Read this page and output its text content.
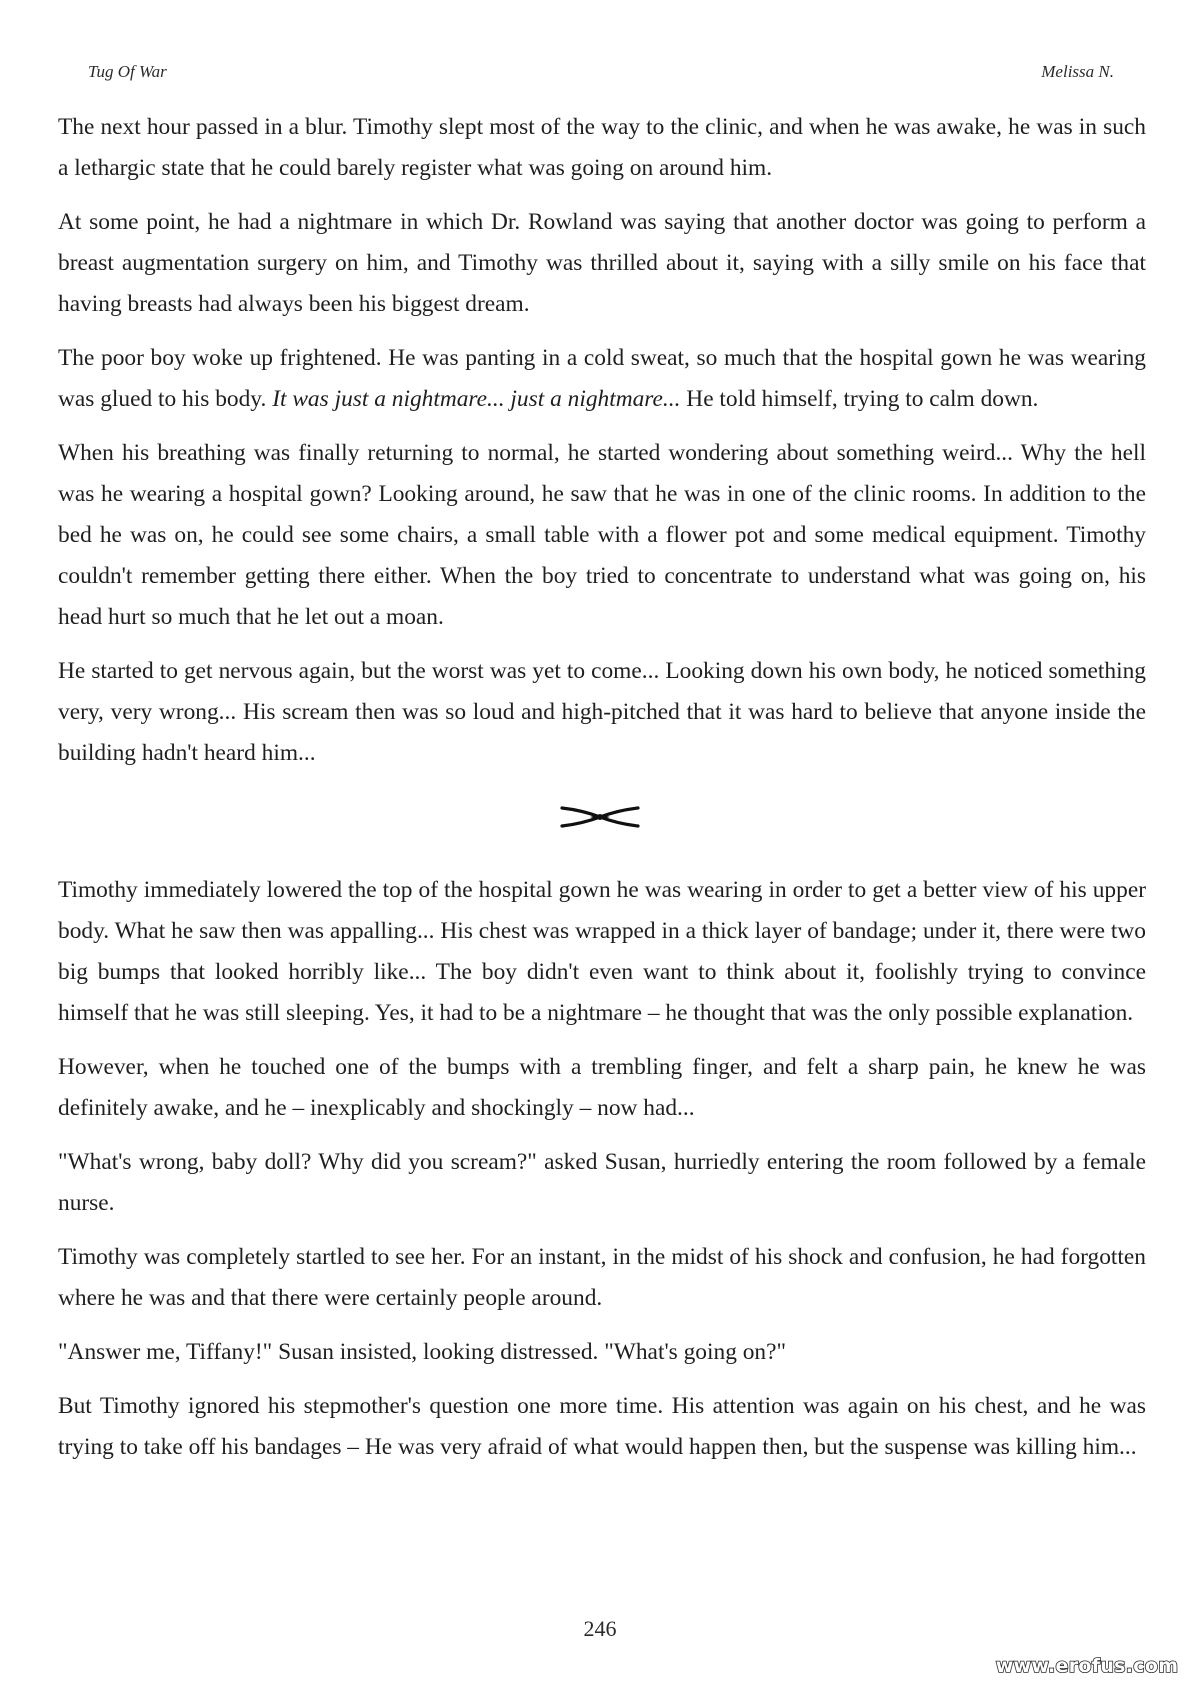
Tug Of War	Melissa N.

The next hour passed in a blur. Timothy slept most of the way to the clinic, and when he was awake, he was in such a lethargic state that he could barely register what was going on around him.

At some point, he had a nightmare in which Dr. Rowland was saying that another doctor was going to perform a breast augmentation surgery on him, and Timothy was thrilled about it, saying with a silly smile on his face that having breasts had always been his biggest dream.

The poor boy woke up frightened. He was panting in a cold sweat, so much that the hospital gown he was wearing was glued to his body. It was just a nightmare... just a nightmare... He told himself, trying to calm down.

When his breathing was finally returning to normal, he started wondering about something weird... Why the hell was he wearing a hospital gown? Looking around, he saw that he was in one of the clinic rooms. In addition to the bed he was on, he could see some chairs, a small table with a flower pot and some medical equipment. Timothy couldn't remember getting there either. When the boy tried to concentrate to understand what was going on, his head hurt so much that he let out a moan.

He started to get nervous again, but the worst was yet to come... Looking down his own body, he noticed something very, very wrong... His scream then was so loud and high-pitched that it was hard to believe that anyone inside the building hadn't heard him...

Timothy immediately lowered the top of the hospital gown he was wearing in order to get a better view of his upper body. What he saw then was appalling... His chest was wrapped in a thick layer of bandage; under it, there were two big bumps that looked horribly like... The boy didn't even want to think about it, foolishly trying to convince himself that he was still sleeping. Yes, it had to be a nightmare – he thought that was the only possible explanation.

However, when he touched one of the bumps with a trembling finger, and felt a sharp pain, he knew he was definitely awake, and he – inexplicably and shockingly – now had...

"What's wrong, baby doll? Why did you scream?" asked Susan, hurriedly entering the room followed by a female nurse.

Timothy was completely startled to see her. For an instant, in the midst of his shock and confusion, he had forgotten where he was and that there were certainly people around.

"Answer me, Tiffany!" Susan insisted, looking distressed. "What's going on?"

But Timothy ignored his stepmother's question one more time. His attention was again on his chest, and he was trying to take off his bandages – He was very afraid of what would happen then, but the suspense was killing him...

246
www.erofus.com
